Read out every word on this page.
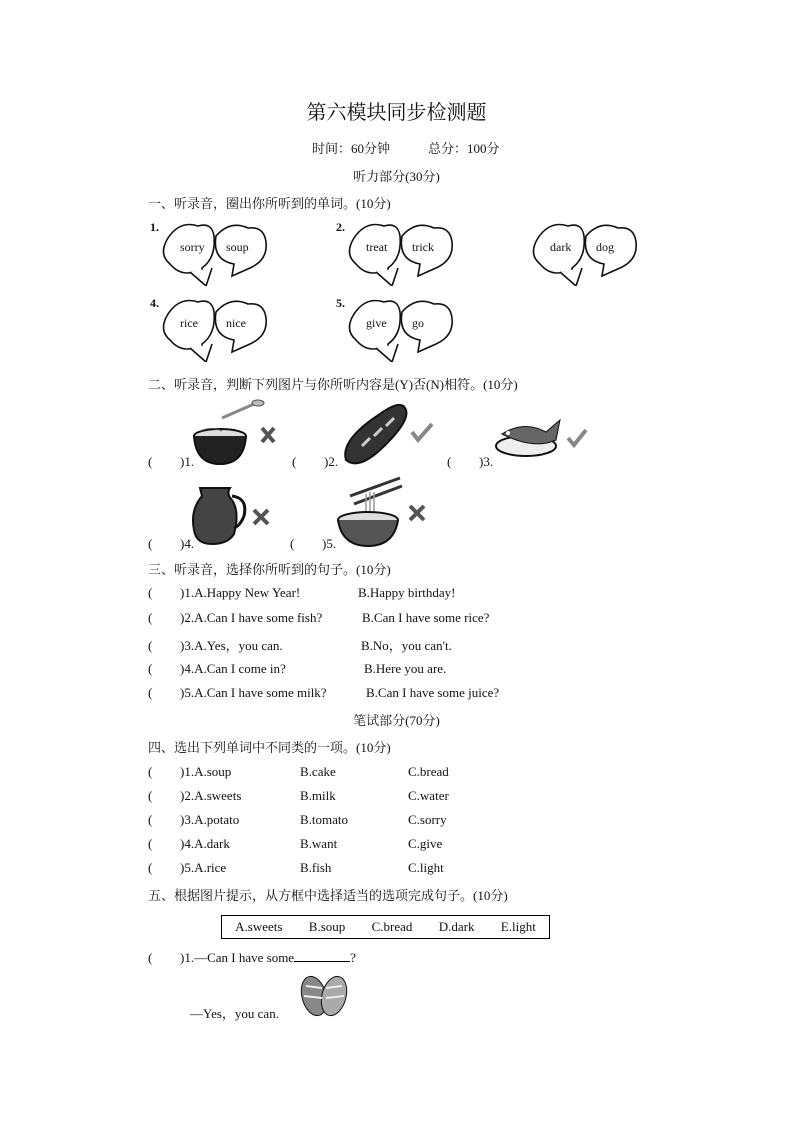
第六模块同步检测题
时间：60分钟	总分：100分
听力部分(30分)
一、听录音，圈出你所听到的单词。(10分)
1.
sorry soup
2.
treat trick	dark dog
4.
rice nice
5.
give go
二、听录音，判断下列图片与你所听内容是(Y)否(N)相符。(10分)
( )1.	( )2.	( )3.
( )4.	( )5.
三、听录音，选择你所听到的句子。(10分)
( )1.A.Happy New Year!	B.Happy birthday!
( )2.A.Can I have some fish?	B.Can I have some rice?
( )3.A.Yes，you can.	B.No，you can't.
( )4.A.Can I come in?	B.Here you are.
( )5.A.Can I have some milk?	B.Can I have some juice?
笔试部分(70分)
四、选出下列单词中不同类的一项。(10分)
( )1.A.soup	B.cake	C.bread
( )2.A.sweets	B.milk	C.water
( )3.A.potato	B.tomato	C.sorry
( )4.A.dark	B.want	C.give
( )5.A.rice	B.fish	C.light
五、根据图片提示，从方框中选择适当的选项完成句子。(10分)
A.sweets B.soup C.bread D.dark E.light
( )1.—Can I have some	?
—Yes，you can.
